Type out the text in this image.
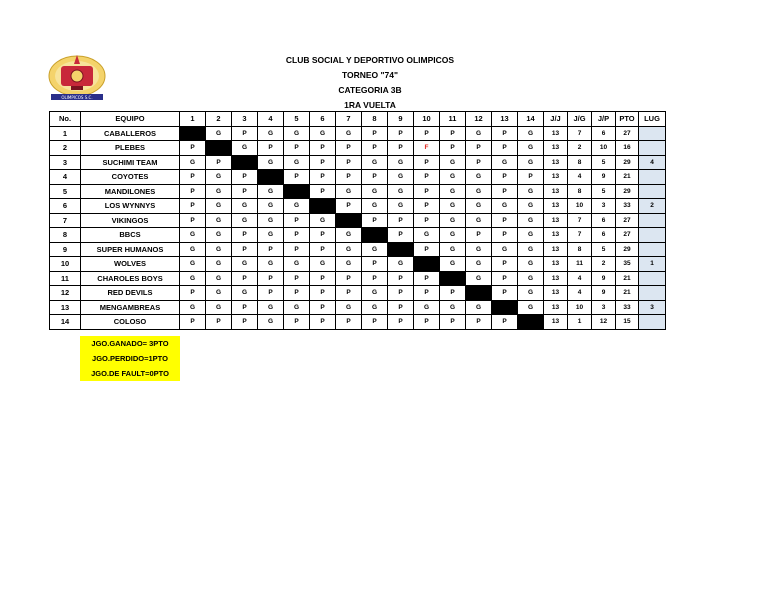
OLIMPICOS S.C.
CLUB SOCIAL Y DEPORTIVO OLIMPICOS
TORNEO "74"
CATEGORIA 3B
1RA VUELTA
No.	EQUIPO	1	2	3	4	5	6	7	8	9	10	11	12	13	14	J/J	J/G	J/P	PTO	LUG
1	CABALLEROS		G	P	G	G	G	G	P	P	P	P	G	P	G	13	7	6	27	
2	PLEBES	P		G	P	P	P	P	P	P	F	P	P	P	G	13	2	10	16	
3	SUCHIMI TEAM	G	P		G	G	P	P	G	G	P	G	P	G	G	13	8	5	29	4
4	COYOTES	P	G	P		P	P	P	P	G	P	G	G	P	P	13	4	9	21	
5	MANDILONES	P	G	P	G		P	G	G	G	P	G	G	P	G	13	8	5	29	
6	LOS WYNNYS	P	G	G	G	G		P	G	G	P	G	G	G	G	13	10	3	33	2
7	VIKINGOS	P	G	G	G	P	G		P	P	P	G	G	P	G	13	7	6	27	
8	BBCS	G	G	P	G	P	P	G		P	G	G	P	P	G	13	7	6	27	
9	SUPER HUMANOS	G	G	P	P	P	P	G	G		P	G	G	G	G	13	8	5	29	
10	WOLVES	G	G	G	G	G	G	G	P	G		G	G	P	G	13	11	2	35	1
11	CHAROLES BOYS	G	G	P	P	P	P	P	P	P	P		G	P	G	13	4	9	21	
12	RED DEVILS	P	G	G	P	P	P	P	G	P	P	P		P	G	13	4	9	21	
13	MENGAMBREAS	G	G	P	G	G	P	G	G	P	G	G	G		G	13	10	3	33	3
14	COLOSO	P	P	P	G	P	P	P	P	P	P	P	P	P		13	1	12	15	
JGO.GANADO= 3PTO
JGO.PERDIDO=1PTO
JGO.DE FAULT=0PTO
